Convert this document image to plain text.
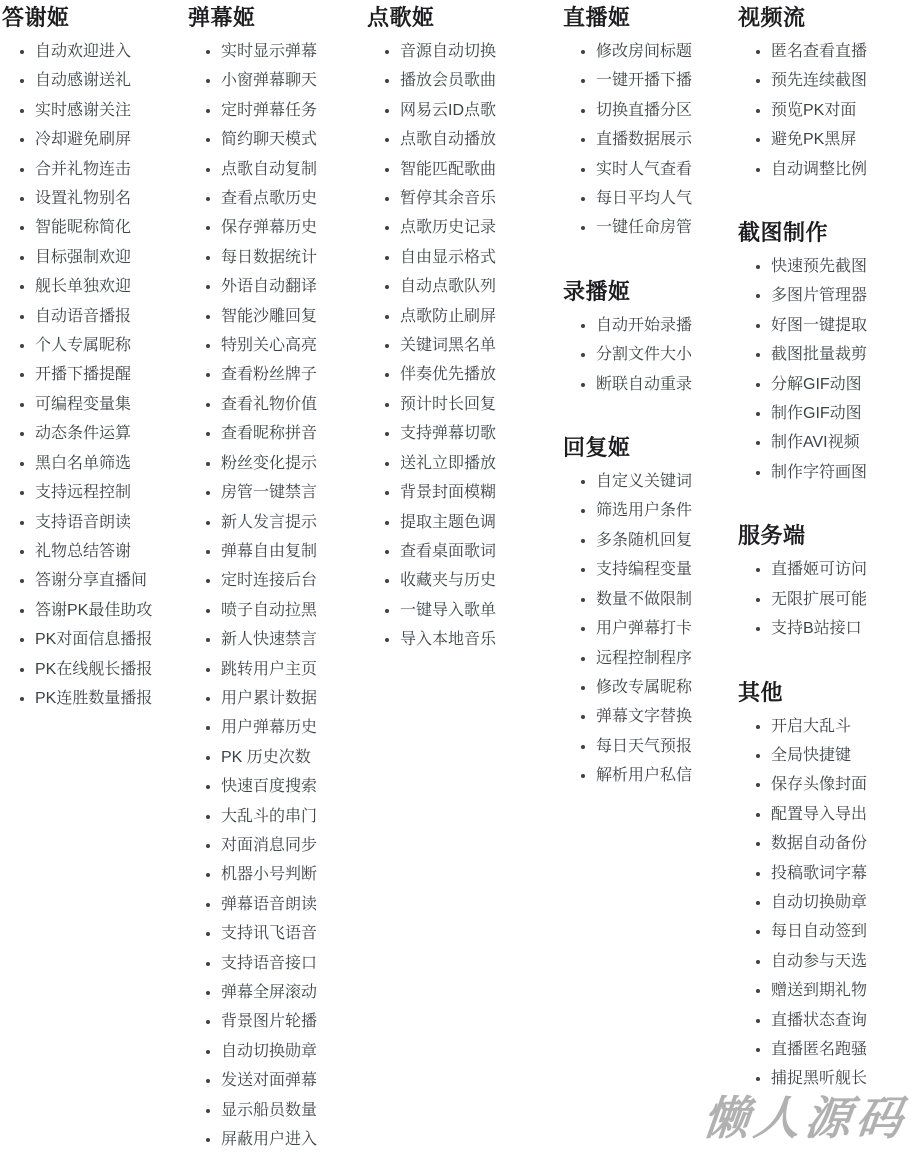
答谢姬
• 自动欢迎进入
• 自动感谢送礼
• 实时感谢关注
• 冷却避免刷屏
• 合并礼物连击
• 设置礼物别名
• 智能昵称简化
• 目标强制欢迎
• 舰长单独欢迎
• 自动语音播报
• 个人专属昵称
• 开播下播提醒
• 可编程变量集
• 动态条件运算
• 黑白名单筛选
• 支持远程控制
• 支持语音朗读
• 礼物总结答谢
• 答谢分享直播间
• 答谢PK最佳助攻
• PK对面信息播报
• PK在线舰长播报
• PK连胜数量播报
弹幕姬
• 实时显示弹幕
• 小窗弹幕聊天
• 定时弹幕任务
• 简约聊天模式
• 点歌自动复制
• 查看点歌历史
• 保存弹幕历史
• 每日数据统计
• 外语自动翻译
• 智能沙雕回复
• 特别关心高亮
• 查看粉丝牌子
• 查看礼物价值
• 查看昵称拼音
• 粉丝变化提示
• 房管一键禁言
• 新人发言提示
• 弹幕自由复制
• 定时连接后台
• 喷子自动拉黑
• 新人快速禁言
• 跳转用户主页
• 用户累计数据
• 用户弹幕历史
• PK 历史次数
• 快速百度搜索
• 大乱斗的串门
• 对面消息同步
• 机器小号判断
• 弹幕语音朗读
• 支持讯飞语音
• 支持语音接口
• 弹幕全屏滚动
• 背景图片轮播
• 自动切换勋章
• 发送对面弹幕
• 显示船员数量
• 屏蔽用户进入
点歌姬
• 音源自动切换
• 播放会员歌曲
• 网易云ID点歌
• 点歌自动播放
• 智能匹配歌曲
• 暂停其余音乐
• 点歌历史记录
• 自由显示格式
• 自动点歌队列
• 点歌防止刷屏
• 关键词黑名单
• 伴奏优先播放
• 预计时长回复
• 支持弹幕切歌
• 送礼立即播放
• 背景封面模糊
• 提取主题色调
• 查看桌面歌词
• 收藏夹与历史
• 一键导入歌单
• 导入本地音乐
直播姬
• 修改房间标题
• 一键开播下播
• 切换直播分区
• 直播数据展示
• 实时人气查看
• 每日平均人气
• 一键任命房管
录播姬
• 自动开始录播
• 分割文件大小
• 断联自动重录
回复姬
• 自定义关键词
• 筛选用户条件
• 多条随机回复
• 支持编程变量
• 数量不做限制
• 用户弹幕打卡
• 远程控制程序
• 修改专属昵称
• 弹幕文字替换
• 每日天气预报
• 解析用户私信
视频流
• 匿名查看直播
• 预先连续截图
• 预览PK对面
• 避免PK黑屏
• 自动调整比例
截图制作
• 快速预先截图
• 多图片管理器
• 好图一键提取
• 截图批量裁剪
• 分解GIF动图
• 制作GIF动图
• 制作AVI视频
• 制作字符画图
服务端
• 直播姬可访问
• 无限扩展可能
• 支持B站接口
其他
• 开启大乱斗
• 全局快捷键
• 保存头像封面
• 配置导入导出
• 数据自动备份
• 投稿歌词字幕
• 自动切换勋章
• 每日自动签到
• 自动参与天选
• 赠送到期礼物
• 直播状态查询
• 直播匿名跑骚
• 捕捉黑听舰长
懒人源码
